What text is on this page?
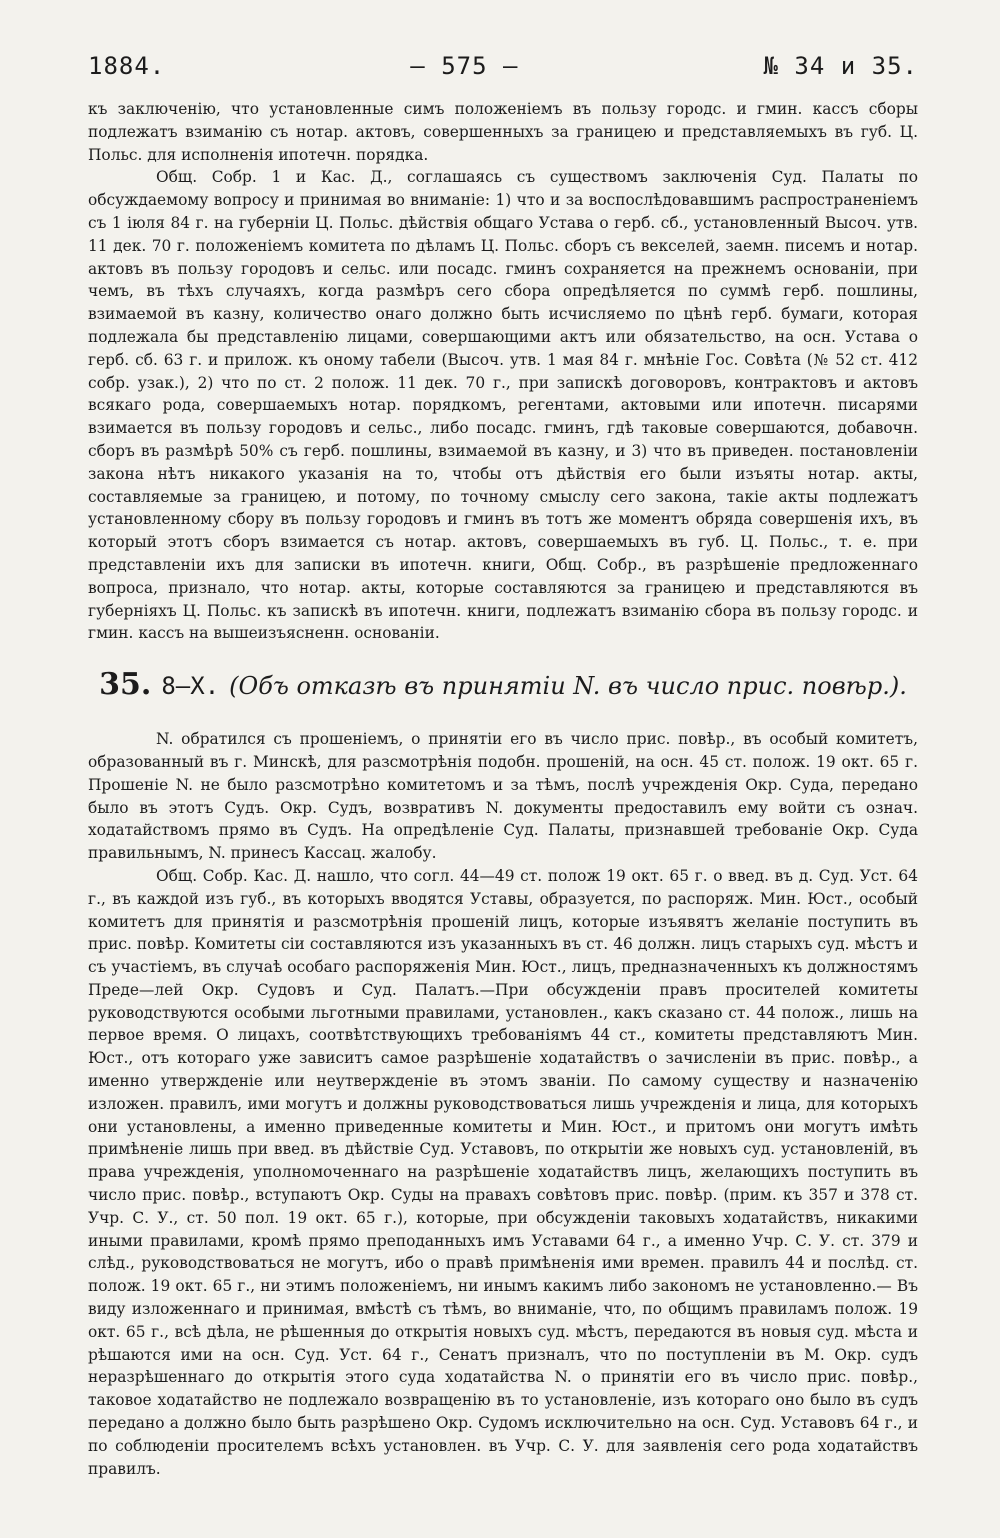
1884.	— 575 —	№ 34 и 35.

къ заключенію, что установленные симъ положеніемъ въ пользу городс. и гмин. кассъ сборы подлежатъ взиманію съ нотар. актовъ, совершенныхъ за границею и представляемыхъ въ губ. Ц. Польс. для исполненія ипотечн. порядка.

Общ. Собр. 1 и Кас. Д., соглашаясь съ существомъ заключенія Суд. Палаты по обсуждаемому вопросу и принимая во вниманіе: 1) что и за воспослѣдовавшимъ распространеніемъ съ 1 іюля 84 г. на губерніи Ц. Польс. дѣйствія общаго Устава о герб. сб., установленный Высоч. утв. 11 дек. 70 г. положеніемъ комитета по дѣламъ Ц. Польс. сборъ съ векселей, заемн. писемъ и нотар. актовъ въ пользу городовъ и сельс. или посадс. гминъ сохраняется на прежнемъ основаніи, при чемъ, въ тѣхъ случаяхъ, когда размѣръ сего сбора опредѣляется по суммѣ герб. пошлины, взимаемой въ казну, количество онаго должно быть исчисляемо по цѣнѣ герб. бумаги, которая подлежала бы представленію лицами, совершающими актъ или обязательство, на осн. Устава о герб. сб. 63 г. и прилож. къ оному табели (Высоч. утв. 1 мая 84 г. мнѣніе Гос. Совѣта (№ 52 ст. 412 собр. узак.), 2) что по ст. 2 полож. 11 дек. 70 г., при запискѣ договоровъ, контрактовъ и актовъ всякаго рода, совершаемыхъ нотар. порядкомъ, регентами, актовыми или ипотечн. писарями взимается въ пользу городовъ и сельс., либо посадс. гминъ, гдѣ таковые совершаются, добавочн. сборъ въ размѣрѣ 50% съ герб. пошлины, взимаемой въ казну, и 3) что въ приведен. постановленіи закона нѣтъ никакого указанія на то, чтобы отъ дѣйствія его были изъяты нотар. акты, составляемые за границею, и потому, по точному смыслу сего закона, такіе акты подлежатъ установленному сбору въ пользу городовъ и гминъ въ тотъ же моментъ обряда совершенія ихъ, въ который этотъ сборъ взимается съ нотар. актовъ, совершаемыхъ въ губ. Ц. Польс., т. е. при представленіи ихъ для записки въ ипотечн. книги, Общ. Собр., въ разрѣшеніе предложеннаго вопроса, признало, что нотар. акты, которые составляются за границею и представляются въ губерніяхъ Ц. Польс. къ запискѣ въ ипотечн. книги, подлежатъ взиманію сбора въ пользу городс. и гмин. кассъ на вышеизъясненн. основаніи.

35. 8—X. (Объ отказѣ въ принятіи N. въ число прис. повѣр.).

N. обратился съ прошеніемъ, о принятіи его въ число прис. повѣр., въ особый комитетъ, образованный въ г. Минскѣ, для разсмотрѣнія подобн. прошеній, на осн. 45 ст. полож. 19 окт. 65 г. Прошеніе N. не было разсмотрѣно комитетомъ и за тѣмъ, послѣ учрежденія Окр. Суда, передано было въ этотъ Судъ. Окр. Судъ, возвративъ N. документы предоставилъ ему войти съ означ. ходатайствомъ прямо въ Судъ. На опредѣленіе Суд. Палаты, признавшей требованіе Окр. Суда правильнымъ, N. принесъ Кассац. жалобу.

Общ. Собр. Кас. Д. нашло, что согл. 44—49 ст. полож 19 окт. 65 г. о введ. въ д. Суд. Уст. 64 г., въ каждой изъ губ., въ которыхъ вводятся Уставы, образуется, по распоряж. Мин. Юст., особый комитетъ для принятія и разсмотрѣнія прошеній лицъ, которые изъявятъ желаніе поступить въ прис. повѣр. Комитеты сіи составляются изъ указанныхъ въ ст. 46 должн. лицъ старыхъ суд. мѣстъ и съ участіемъ, въ случаѣ особаго распоряженія Мин. Юст., лицъ, предназначенныхъ къ должностямъ Преде—лей Окр. Судовъ и Суд. Палатъ.—При обсужденіи правъ просителей комитеты руководствуются особыми льготными правилами, установлен., какъ сказано ст. 44 полож., лишь на первое время. О лицахъ, соотвѣтствующихъ требованіямъ 44 ст., комитеты представляютъ Мин. Юст., отъ котораго уже зависитъ самое разрѣшеніе ходатайствъ о зачисленіи въ прис. повѣр., а именно утвержденіе или неутвержденіе въ этомъ званіи. По самому существу и назначенію изложен. правилъ, ими могутъ и должны руководствоваться лишь учрежденія и лица, для которыхъ они установлены, а именно приведенные комитеты и Мин. Юст., и притомъ они могутъ имѣть примѣненіе лишь при введ. въ дѣйствіе Суд. Уставовъ, по открытіи же новыхъ суд. установленій, въ права учрежденія, уполномоченнаго на разрѣшеніе ходатайствъ лицъ, желающихъ поступить въ число прис. повѣр., вступаютъ Окр. Суды на правахъ совѣтовъ прис. повѣр. (прим. къ 357 и 378 ст. Учр. С. У., ст. 50 пол. 19 окт. 65 г.), которые, при обсужденіи таковыхъ ходатайствъ, никакими иными правилами, кромѣ прямо преподанныхъ имъ Уставами 64 г., а именно Учр. С. У. ст. 379 и слѣд., руководствоваться не могутъ, ибо о правѣ примѣненія ими времен. правилъ 44 и послѣд. ст. полож. 19 окт. 65 г., ни этимъ положеніемъ, ни инымъ какимъ либо закономъ не установленно.— Въ виду изложеннаго и принимая, вмѣстѣ съ тѣмъ, во вниманіе, что, по общимъ правиламъ полож. 19 окт. 65 г., всѣ дѣла, не рѣшенныя до открытія новыхъ суд. мѣстъ, передаются въ новыя суд. мѣста и рѣшаются ими на осн. Суд. Уст. 64 г., Сенатъ призналъ, что по поступленіи въ М. Окр. судъ неразрѣшеннаго до открытія этого суда ходатайства N. о принятіи его въ число прис. повѣр., таковое ходатайство не подлежало возвращенію въ то установленіе, изъ котораго оно было въ судъ передано а должно было быть разрѣшено Окр. Судомъ исключительно на осн. Суд. Уставовъ 64 г., и по соблюденіи просителемъ всѣхъ установлен. въ Учр. С. У. для заявленія сего рода ходатайствъ правилъ.
